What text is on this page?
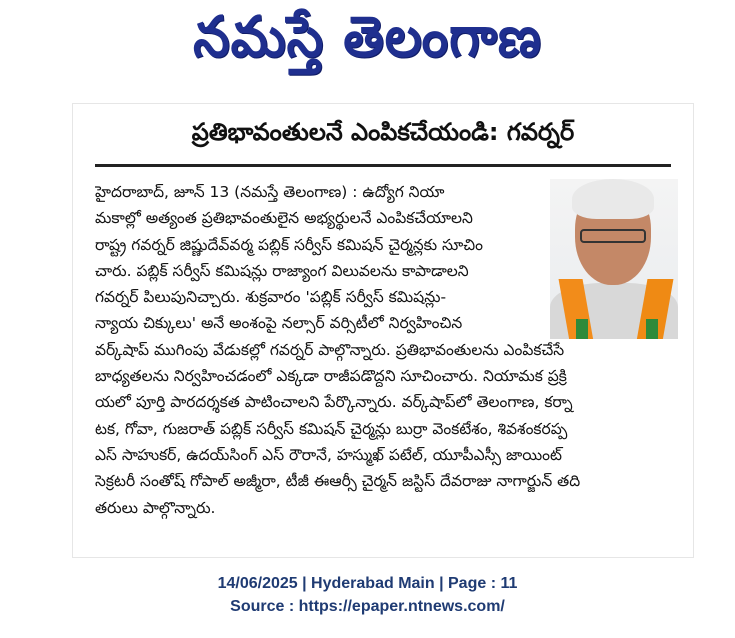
నమస్తే తెలంగాణ
ప్రతిభావంతులనే ఎంపికచేయండి: గవర్నర్
హైదరాబాద్, జూన్ 13 (నమస్తే తెలంగాణ) : ఉద్యోగ నియా
మకాల్లో అత్యంత ప్రతిభావంతులైన అభ్యర్థులనే ఎంపికచేయాలని
రాష్ట్ర గవర్నర్ జిష్ణుదేవ్‌వర్మ పబ్లిక్ సర్వీస్ కమిషన్ చైర్మన్లకు సూచిం
చారు. పబ్లిక్ సర్వీస్ కమిషన్లు రాజ్యాంగ విలువలను కాపాడాలని
గవర్నర్ పిలుపునిచ్చారు. శుక్రవారం 'పబ్లిక్ సర్వీస్ కమిషన్లు-
న్యాయ చిక్కులు' అనే అంశంపై నల్సార్ వర్సిటీలో నిర్వహించిన
వర్క్‌షాప్ ముగింపు వేడుకల్లో గవర్నర్ పాల్గొన్నారు. ప్రతిభావంతులను ఎంపికచేసే
బాధ్యతలను నిర్వహించడంలో ఎక్కడా రాజీపడొద్దని సూచించారు. నియామక ప్రక్రి
యలో పూర్తి పారదర్శకత పాటించాలని పేర్కొన్నారు. వర్క్‌షాప్‌లో తెలంగాణ, కర్నా
టక, గోవా, గుజరాత్ పబ్లిక్ సర్వీస్ కమిషన్ చైర్మన్లు బుర్రా వెంకటేశం, శివశంకరప్ప
ఎస్ సాహుకర్, ఉదయ్‌సింగ్ ఎస్ రౌరానే, హస్ముఖ్ పటేల్, యూపీఎస్సీ జాయింట్
సెక్రటరీ సంతోష్ గోపాల్ అజ్మీరా, టీజీ ఈఆర్సీ చైర్మన్ జస్టిస్ దేవరాజు నాగార్జున్ తది
తరులు పాల్గొన్నారు.
14/06/2025 | Hyderabad Main | Page : 11
Source : https://epaper.ntnews.com/
